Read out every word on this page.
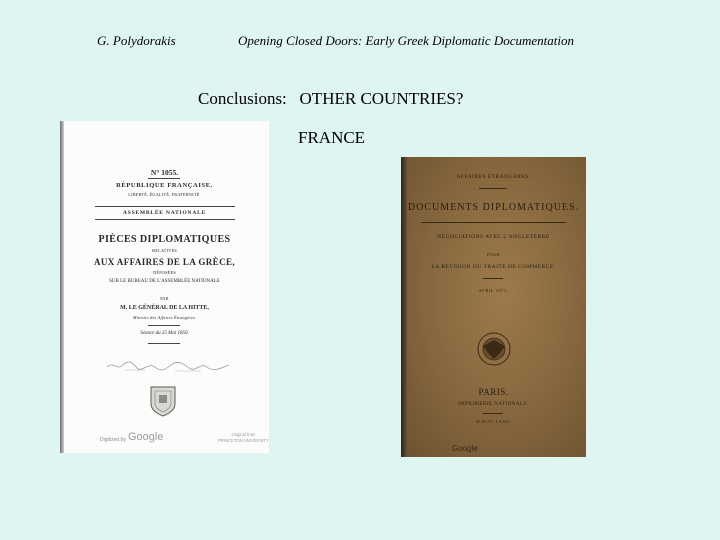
G. Polydorakis
	Opening Closed Doors: Early Greek Diplomatic Documentation
Conclusions:   OTHER COUNTRIES?
FRANCE
N° 1055.
RÉPUBLIQUE FRANÇAISE.
LIBERTÉ, ÉGALITÉ, FRATERNITÉ.
ASSEMBLÉE NATIONALE
PIÈCES DIPLOMATIQUES
RELATIVES
AUX AFFAIRES DE LA GRÈCE,
DÉPOSÉES
SUR LE BUREAU DE L'ASSEMBLÉE NATIONALE
PAR
M. LE GÉNÉRAL DE LA HITTE,
Ministre des Affaires Étrangères.
Séance du 25 Mai 1850.
Digitized by Google	Original from
PRINCETON UNIVERSITY
AFFAIRES ÉTRANGÈRES.
DOCUMENTS DIPLOMATIQUES.
NÉGOCIATIONS AVEC L'ANGLETERRE
POUR
LA RÉVISION DU TRAITÉ DE COMMERCE.
AVRIL 1872.
PARIS.
IMPRIMERIE NATIONALE.
M DCCC LXXII.
Google
